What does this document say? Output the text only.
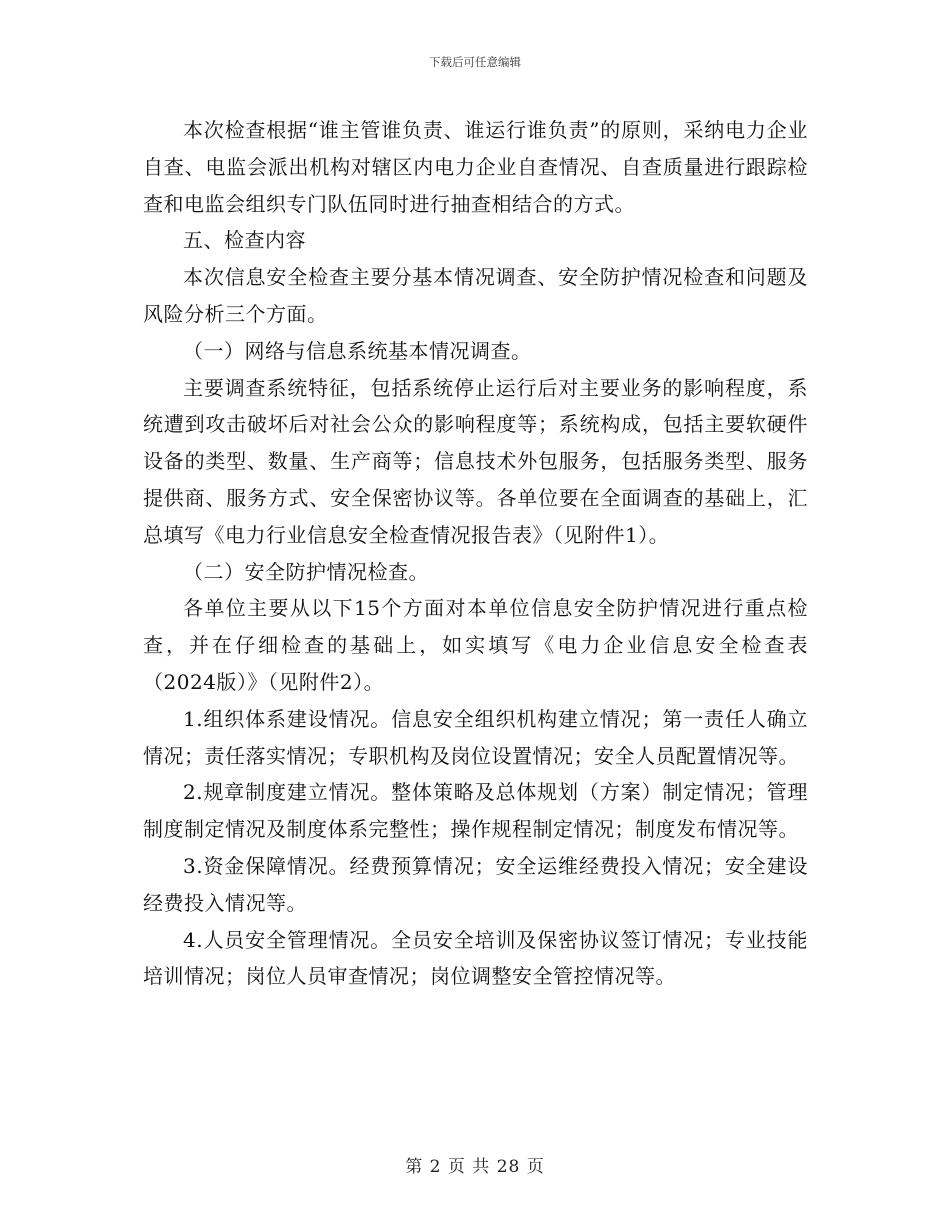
下载后可任意编辑

本次检查根据“谁主管谁负责、谁运行谁负责”的原则，采纳电力企业自查、电监会派出机构对辖区内电力企业自查情况、自查质量进行跟踪检查和电监会组织专门队伍同时进行抽查相结合的方式。

五、检查内容

本次信息安全检查主要分基本情况调查、安全防护情况检查和问题及风险分析三个方面。

（一）网络与信息系统基本情况调查。

主要调查系统特征，包括系统停止运行后对主要业务的影响程度，系统遭到攻击破坏后对社会公众的影响程度等；系统构成，包括主要软硬件设备的类型、数量、生产商等；信息技术外包服务，包括服务类型、服务提供商、服务方式、安全保密协议等。各单位要在全面调查的基础上，汇总填写《电力行业信息安全检查情况报告表》（见附件1）。

（二）安全防护情况检查。

各单位主要从以下15个方面对本单位信息安全防护情况进行重点检查，并在仔细检查的基础上，如实填写《电力企业信息安全检查表（2024版）》（见附件2）。

1.组织体系建设情况。信息安全组织机构建立情况；第一责任人确立情况；责任落实情况；专职机构及岗位设置情况；安全人员配置情况等。

2.规章制度建立情况。整体策略及总体规划（方案）制定情况；管理制度制定情况及制度体系完整性；操作规程制定情况；制度发布情况等。

3.资金保障情况。经费预算情况；安全运维经费投入情况；安全建设经费投入情况等。

4.人员安全管理情况。全员安全培训及保密协议签订情况；专业技能培训情况；岗位人员审查情况；岗位调整安全管控情况等。

第 2 页 共 28 页
